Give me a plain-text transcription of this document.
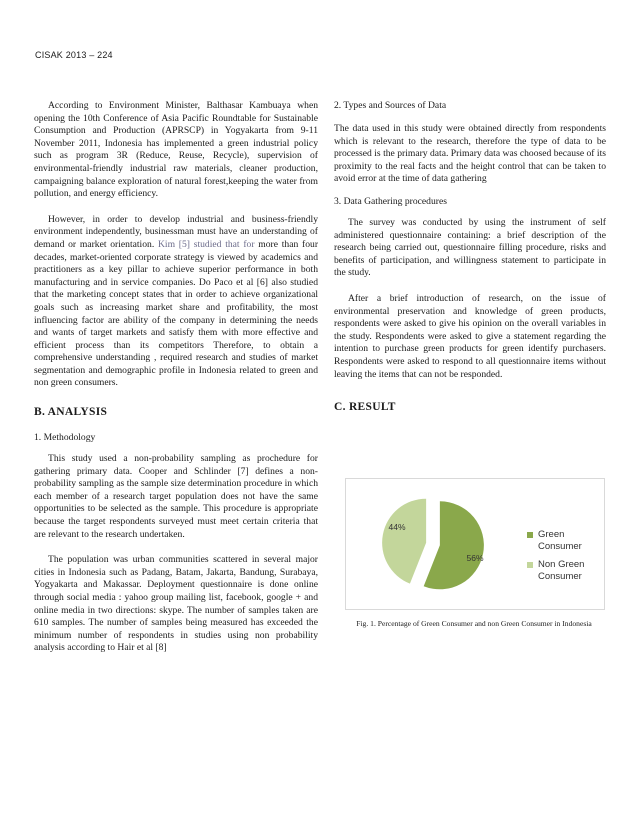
CISAK 2013 – 224

According to Environment Minister, Balthasar Kambuaya when opening the 10th Conference of Asia Pacific Roundtable for Sustainable Consumption and Production (APRSCP) in Yogyakarta from 9-11 November 2011, Indonesia has implemented a green industrial policy such as program 3R (Reduce, Reuse, Recycle), supervision of environmental-friendly industrial raw materials, cleaner production, campaigning balance exploration of natural forest,keeping the water from pollution, and energy efficiency.

However, in order to develop industrial and business-friendly environment independently, businessman must have an understanding of demand or market orientation. Kim [5] studied that for more than four decades, market-oriented corporate strategy is viewed by academics and practitioners as a key pillar to achieve superior performance in both manufacturing and in service companies. Do Paco et al [6] also studied that the marketing concept states that in order to achieve organizational goals such as increasing market share and profitability, the most influencing factor are ability of the company in determining the needs and wants of target markets and satisfy them with more effective and efficient process than its competitors Therefore, to obtain a comprehensive understanding , required research and studies of market segmentation and demographic profile in Indonesia related to green and non green consumers.

B. ANALYSIS
1. Methodology

This study used a non-probability sampling as prochedure for gathering primary data. Cooper and Schlinder [7] defines a non-probability sampling as the sample size determination procedure in which each member of a research target population does not have the same opportunities to be selected as the sample. This procedure is appropriate because the target respondents surveyed must meet certain criteria that are relevant to the research undertaken.

The population was urban communities scattered in several major cities in Indonesia such as Padang, Batam, Jakarta, Bandung, Surabaya, Yogyakarta and Makassar. Deployment questionnaire is done online through social media : yahoo group mailing list, facebook, google + and online media in two directions: skype. The number of samples taken are 610 samples. The number of samples being measured has exceeded the minimum number of respondents in studies using non probability analysis according to Hair et al [8]

2. Types and Sources of Data

The data used in this study were obtained directly from respondents which is relevant to the research, therefore the type of data to be processed is the primary data. Primary data was choosed because of its proximity to the real facts and the height control that can be taken to avoid error at the time of data gathering

3. Data Gathering procedures

The survey was conducted by using the instrument of self administered questionnaire containing: a brief description of the research being carried out, questionnaire filling procedure, risks and benefits of participation, and willingness statement to participate in the study.

After a brief introduction of research, on the issue of environmental preservation and knowledge of green products, respondents were asked to give his opinion on the overall variables in the study. Respondents were asked to give a statement regarding the intention to purchase green products for green identify purchasers. Respondents were asked to respond to all questionnaire items without leaving the items that can not be responded.

C. RESULT
56%
44%
Green Consumer
Non Green Consumer
Fig. 1. Percentage of Green Consumer and non Green Consumer in Indonesia
